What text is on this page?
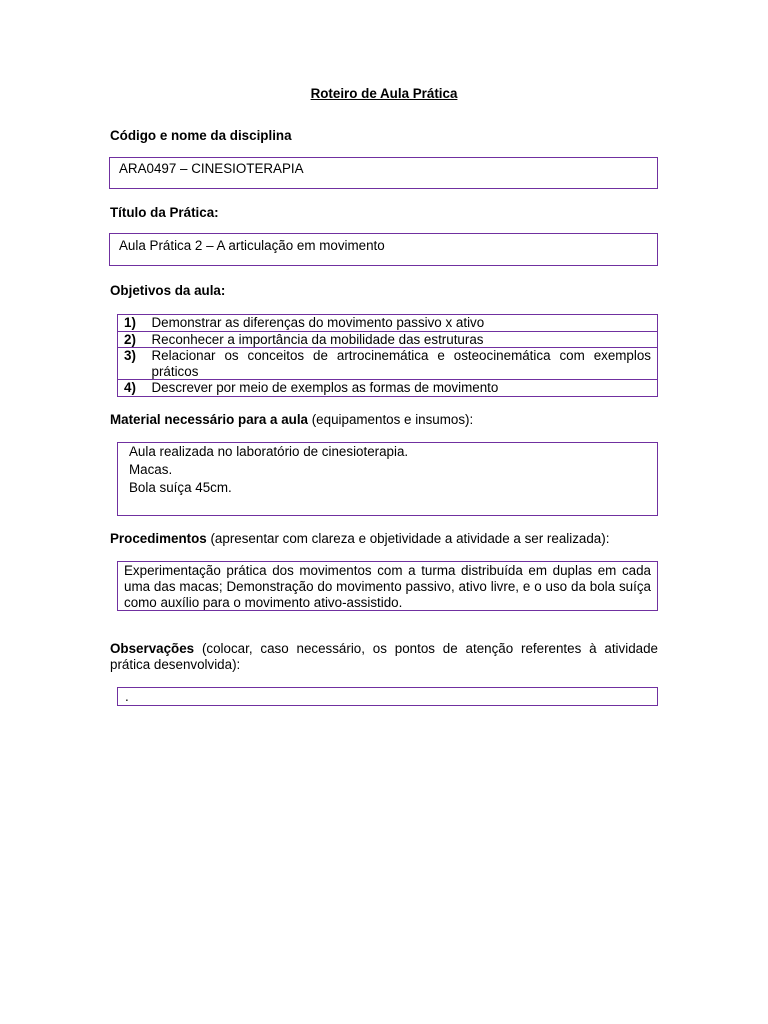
Roteiro de Aula Prática
Código e nome da disciplina
ARA0497 – CINESIOTERAPIA
Título da Prática:
Aula Prática 2 – A articulação em movimento
Objetivos da aula:
1)	Demonstrar as diferenças do movimento passivo x ativo
2)	Reconhecer a importância da mobilidade das estruturas
3)	Relacionar os conceitos de artrocinemática e osteocinemática com exemplos práticos
4)	Descrever por meio de exemplos as formas de movimento
Material necessário para a aula (equipamentos e insumos):
Aula realizada no laboratório de cinesioterapia.
Macas.
Bola suíça 45cm.
Procedimentos (apresentar com clareza e objetividade a atividade a ser realizada):
Experimentação prática dos movimentos com a turma distribuída em duplas em cada uma das macas; Demonstração do movimento passivo, ativo livre, e o uso da bola suíça como auxílio para o movimento ativo-assistido.
Observações (colocar, caso necessário, os pontos de atenção referentes à atividade prática desenvolvida):
.
